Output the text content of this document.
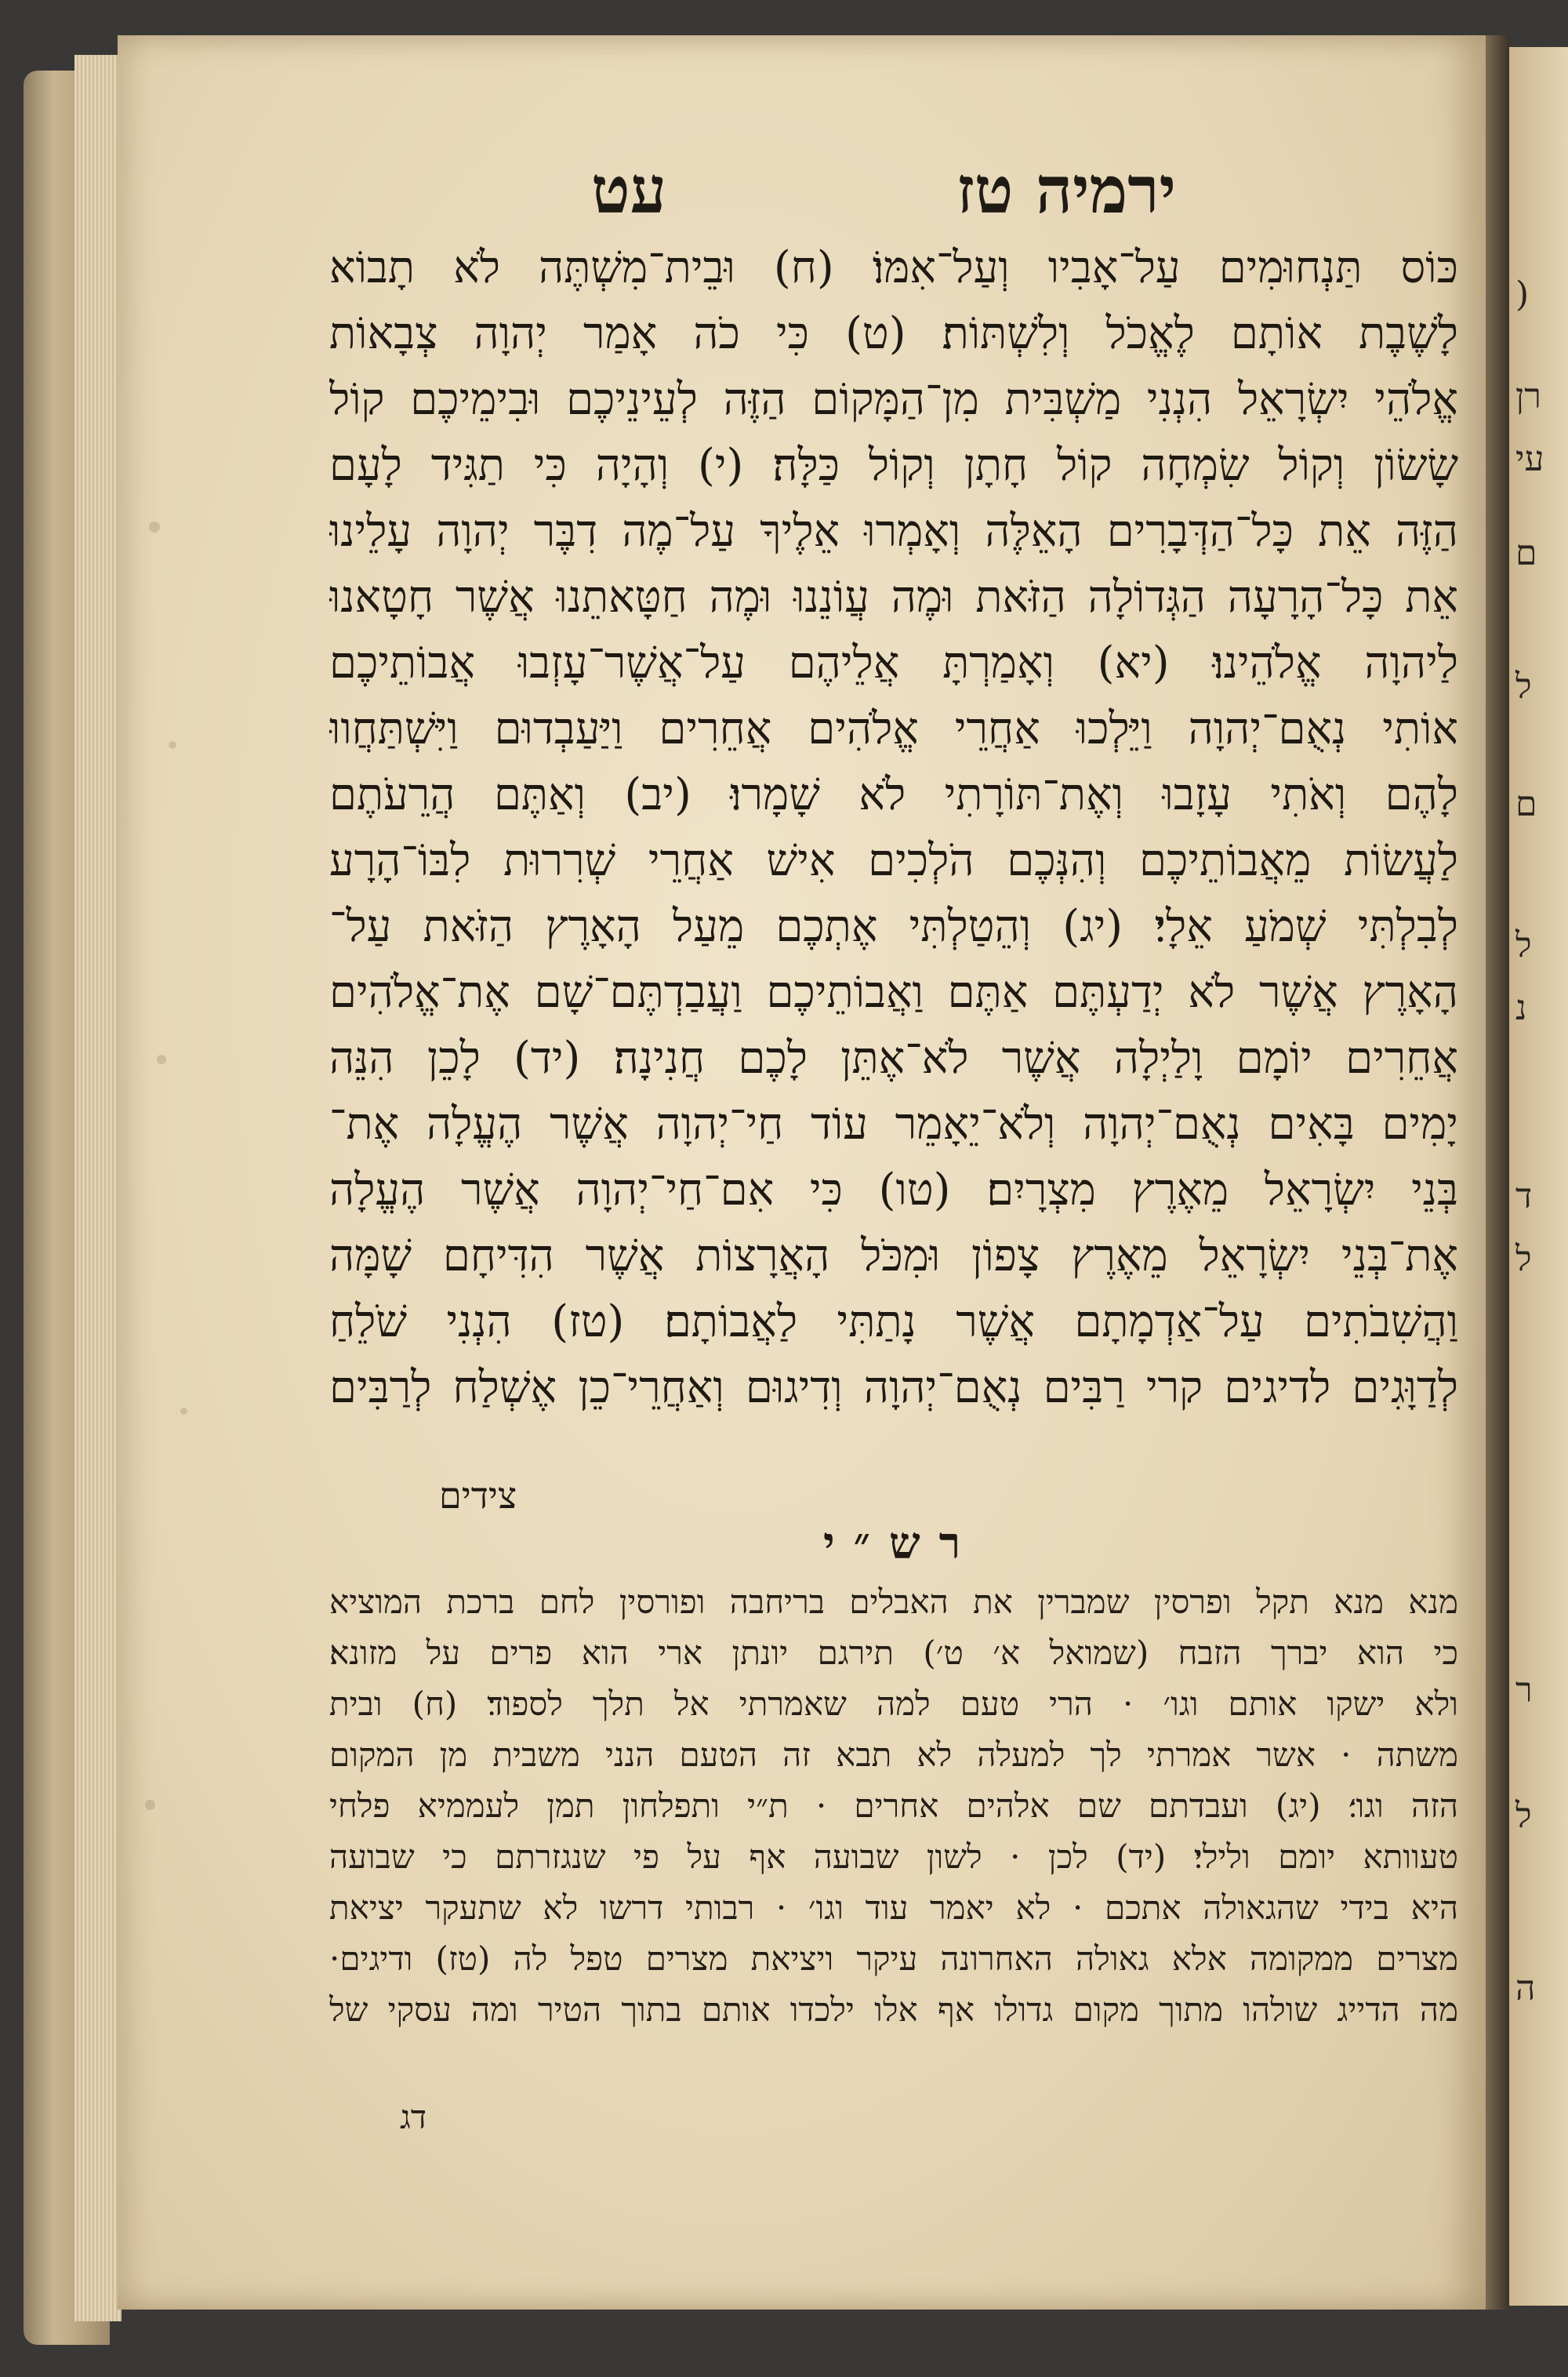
(
רן
עי
ם
ל
ם
ל
נ
ד
ל
ר
ל
ה
ירמיה טז
עט
כּוֹס תַּנְחוּמִים עַל־אָבִיו וְעַל־אִמּוֹ׃ (ח) וּבֵית־מִשְׁתֶּה לֹא תָבוֹא
לָשֶׁבֶת אוֹתָם לֶאֱכֹל וְלִשְׁתּוֹת׃ (ט) כִּי כֹה אָמַר יְהוָה צְבָאוֹת
אֱלֹהֵי יִשְׂרָאֵל הִנְנִי מַשְׁבִּית מִן־הַמָּקוֹם הַזֶּה לְעֵינֵיכֶם וּבִימֵיכֶם קוֹל
שָׂשׂוֹן וְקוֹל שִׂמְחָה קוֹל חָתָן וְקוֹל כַּלָּה׃ (י) וְהָיָה כִּי תַגִּיד לָעָם
הַזֶּה אֵת כָּל־הַדְּבָרִים הָאֵלֶּה וְאָמְרוּ אֵלֶיךָ עַל־מֶה דִבֶּר יְהוָה עָלֵינוּ
אֵת כָּל־הָרָעָה הַגְּדוֹלָה הַזֹּאת וּמֶה עֲוֹנֵנוּ וּמֶה חַטָּאתֵנוּ אֲשֶׁר חָטָאנוּ
לַיהוָה אֱלֹהֵינוּ׃ (יא) וְאָמַרְתָּ אֲלֵיהֶם עַל־אֲשֶׁר־עָזְבוּ אֲבוֹתֵיכֶם
אוֹתִי נְאֻם־יְהוָה וַיֵּלְכוּ אַחֲרֵי אֱלֹהִים אֲחֵרִים וַיַּעַבְדוּם וַיִּשְׁתַּחֲווּ
לָהֶם וְאֹתִי עָזָבוּ וְאֶת־תּוֹרָתִי לֹא שָׁמָרוּ׃ (יב) וְאַתֶּם הֲרֵעֹתֶם
לַעֲשׂוֹת מֵאֲבוֹתֵיכֶם וְהִנְּכֶם הֹלְכִים אִישׁ אַחֲרֵי שְׁרִרוּת לִבּוֹ־הָרָע
לְבִלְתִּי שְׁמֹעַ אֵלָי׃ (יג) וְהֵטַלְתִּי אֶתְכֶם מֵעַל הָאָרֶץ הַזֹּאת עַל־
הָאָרֶץ אֲשֶׁר לֹא יְדַעְתֶּם אַתֶּם וַאֲבוֹתֵיכֶם וַעֲבַדְתֶּם־שָׁם אֶת־אֱלֹהִים
אֲחֵרִים יוֹמָם וָלַיְלָה אֲשֶׁר לֹא־אֶתֵּן לָכֶם חֲנִינָה׃ (יד) לָכֵן הִנֵּה
יָמִים בָּאִים נְאֻם־יְהוָה וְלֹא־יֵאָמֵר עוֹד חַי־יְהוָה אֲשֶׁר הֶעֱלָה אֶת־
בְּנֵי יִשְׂרָאֵל מֵאֶרֶץ מִצְרָיִם׃ (טו) כִּי אִם־חַי־יְהוָה אֲשֶׁר הֶעֱלָה
אֶת־בְּנֵי יִשְׂרָאֵל מֵאֶרֶץ צָפוֹן וּמִכֹּל הָאֲרָצוֹת אֲשֶׁר הִדִּיחָם שָׁמָּה
וַהֲשִׁבֹתִים עַל־אַדְמָתָם אֲשֶׁר נָתַתִּי לַאֲבוֹתָם׃ (טז) הִנְנִי שֹׁלֵחַ
לְדַוָּגִים לדיגים קרי רַבִּים נְאֻם־יְהוָה וְדִיגוּם וְאַחֲרֵי־כֵן אֶשְׁלַח לְרַבִּים
צידים
רש״י
מנא מנא תקל ופרסין שמברין את האבלים בריחבה ופורסין לחם ברכת המוציא
כי הוא יברך הזבח (שמואל א׳ ט׳) תירגם יונתן ארי הוא פרים על מזונא׃
ולא ישקו אותם וגו׳ · הרי טעם למה שאמרתי אל תלך לספוד׃ (ח) ובית
משתה · אשר אמרתי לך למעלה לא תבא זה הטעם הנני משבית מן המקום
הזה וגו׳׃ (יג) ועבדתם שם אלהים אחרים · ת״י ותפלחון תמן לעממיא פלחי
טעוותא יומם ולילי׃ (יד) לכן · לשון שבועה אף על פי שנגזרתם כי שבועה
היא בידי שהגאולה אתכם · לא יאמר עוד וגו׳ · רבותי דרשו לא שתעקר יציאת
מצרים ממקומה אלא גאולה האחרונה עיקר ויציאת מצרים טפל לה (טז) ודיגים·
מה הדייג שולהו מתוך מקום גדולו אף אלו ילכדו אותם בתוך הטיר ומה עסקי של
דג
